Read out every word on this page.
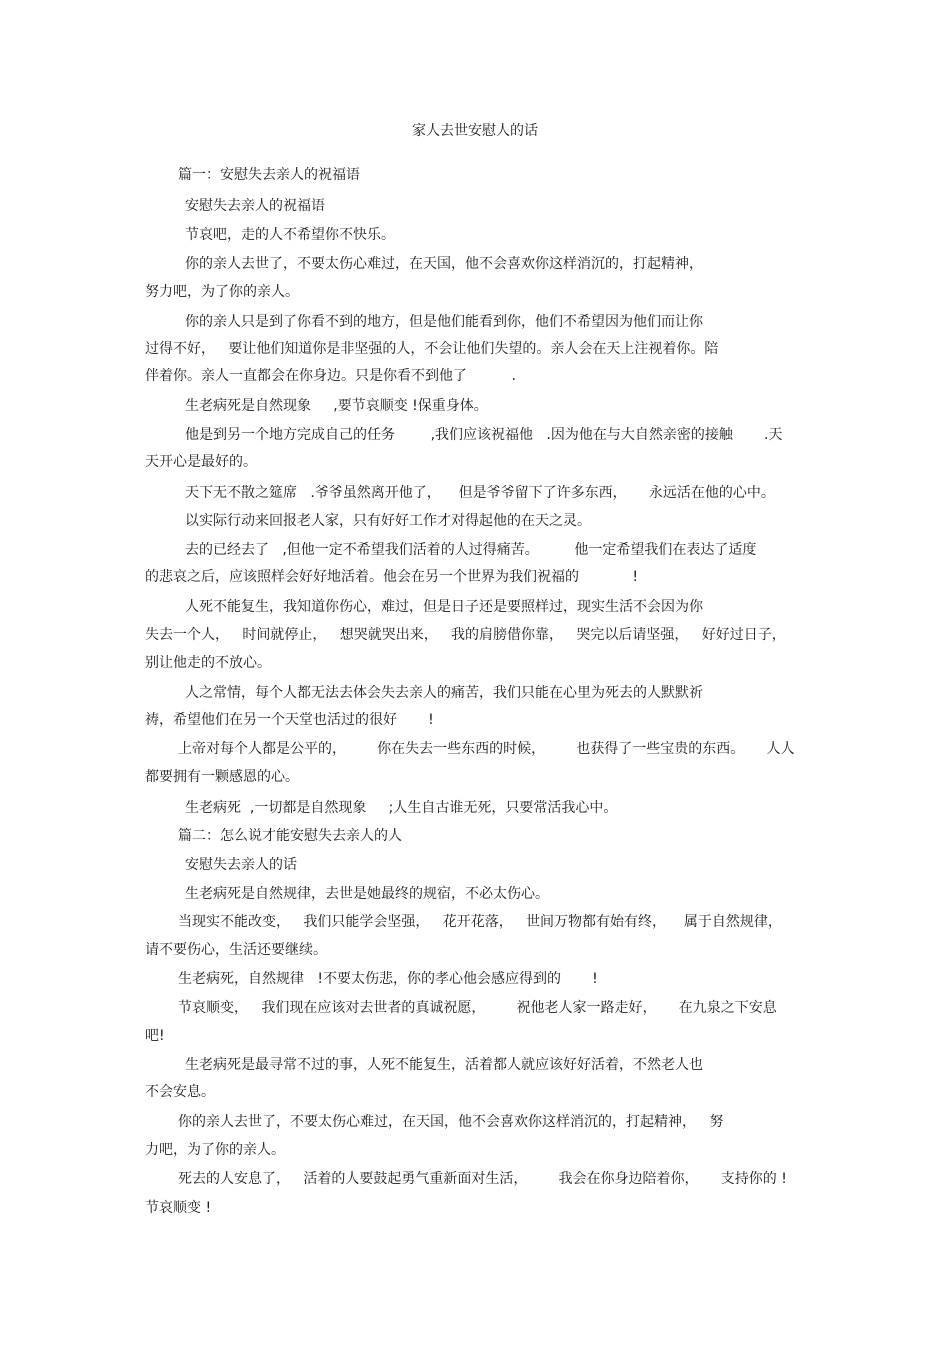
家人去世安慰人的话
篇一：安慰失去亲人的祝福语
安慰失去亲人的祝福语
节哀吧，走的人不希望你不快乐。
你的亲人去世了，不要太伤心难过，在天国，他不会喜欢你这样消沉的，打起精神，
努力吧，为了你的亲人。
你的亲人只是到了你看不到的地方，但是他们能看到你，他们不希望因为他们而让你
过得不好，   要让他们知道你是非坚强的人，不会让他们失望的。亲人会在天上注视着你。陪
伴着你。亲人一直都会在你身边。只是你看不到他了          .
生老病死是自然现象     ,要节哀顺变 !保重身体。
他是到另一个地方完成自己的任务        ,我们应该祝福他   .因为他在与大自然亲密的接触       .天
天开心是最好的。
天下无不散之筵席   .爷爷虽然离开他了，    但是爷爷留下了许多东西，     永远活在他的心中。
以实际行动来回报老人家，只有好好工作才对得起他的在天之灵。
去的已经去了   ,但他一定不希望我们活着的人过得痛苦。        他一定希望我们在表达了适度
的悲哀之后，应该照样会好好地活着。他会在另一个世界为我们祝福的            !
人死不能复生，我知道你伤心，难过，但是日子还是要照样过，现实生活不会因为你
失去一个人，   时间就停止，   想哭就哭出来，   我的肩膀借你靠，   哭完以后请坚强，   好好过日子，
别让他走的不放心。
人之常情，每个人都无法去体会失去亲人的痛苦，我们只能在心里为死去的人默默祈
祷，希望他们在另一个天堂也活过的很好       !
上帝对每个人都是公平的，       你在失去一些东西的时候，       也获得了一些宝贵的东西。     人人
都要拥有一颗感恩的心。
生老病死  ,一切都是自然现象     ;人生自古谁无死，只要常活我心中。
篇二：怎么说才能安慰失去亲人的人
安慰失去亲人的话
生老病死是自然规律，去世是她最终的规宿，不必太伤心。
当现实不能改变，   我们只能学会坚强，   花开花落，   世间万物都有始有终，    属于自然规律，
请不要伤心，生活还要继续。
生老病死，自然规律   !不要太伤悲，你的孝心他会感应得到的       !
节哀顺变，   我们现在应该对去世者的真诚祝愿，       祝他老人家一路走好，     在九泉之下安息
吧!
生老病死是最寻常不过的事，人死不能复生，活着都人就应该好好活着，不然老人也
不会安息。
你的亲人去世了，不要太伤心难过，在天国，他不会喜欢你这样消沉的，打起精神，   努
力吧，为了你的亲人。
死去的人安息了，   活着的人要鼓起勇气重新面对生活，       我会在你身边陪着你，     支持你的 !
节哀顺变 !
